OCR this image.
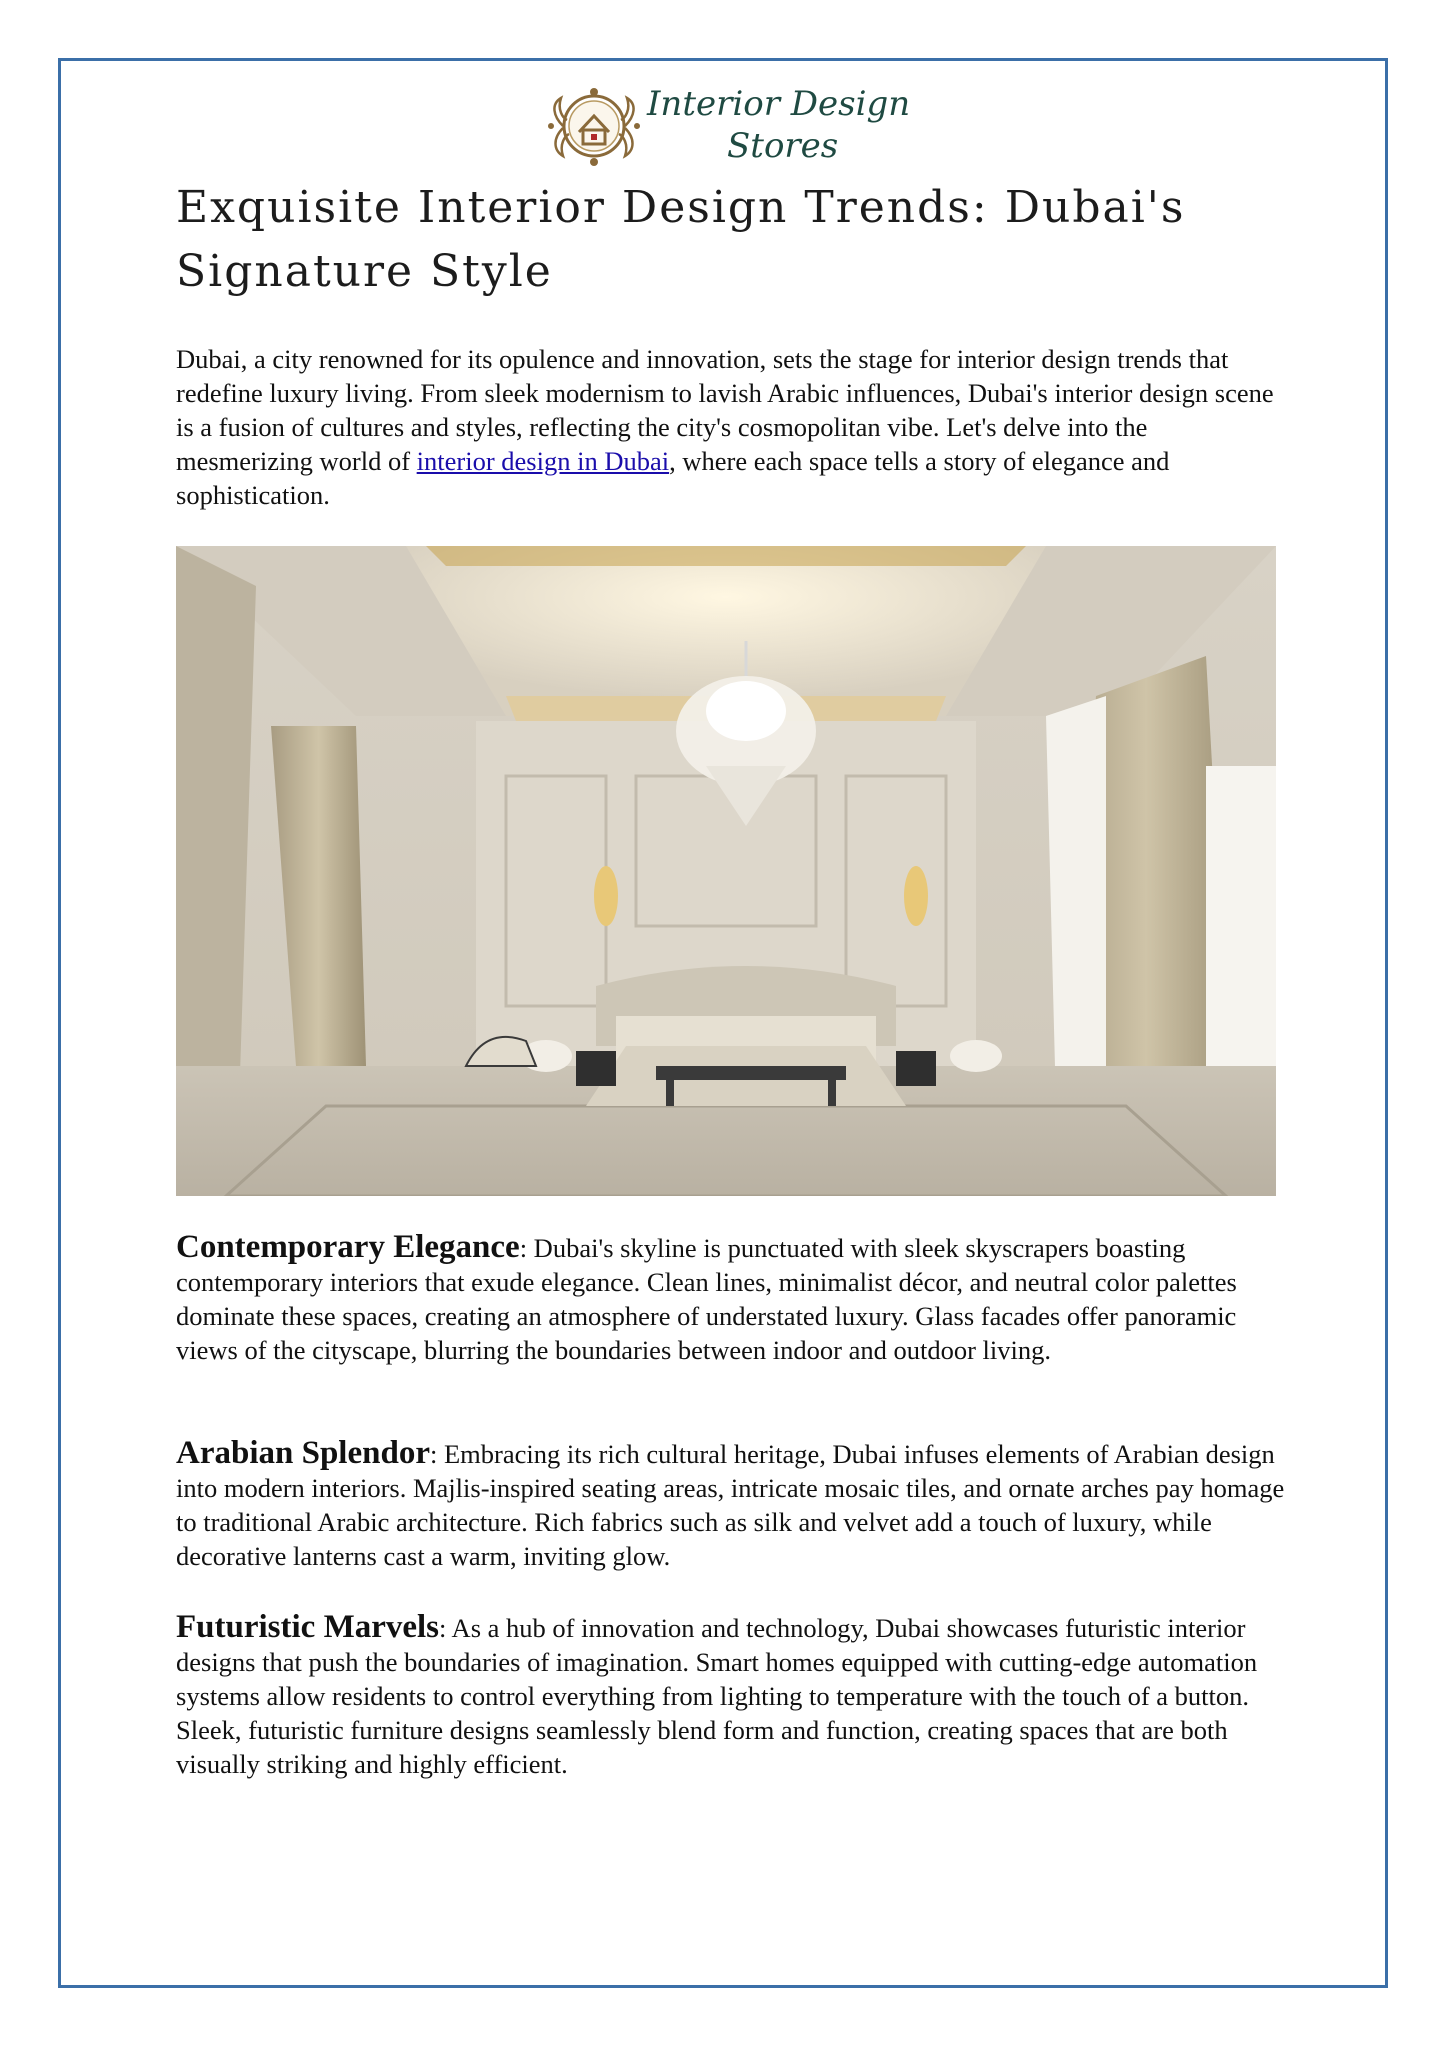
Interior Design
Stores
Exquisite Interior Design Trends: Dubai's Signature Style

Dubai, a city renowned for its opulence and innovation, sets the stage for interior design trends that redefine luxury living. From sleek modernism to lavish Arabic influences, Dubai's interior design scene is a fusion of cultures and styles, reflecting the city's cosmopolitan vibe. Let's delve into the mesmerizing world of interior design in Dubai, where each space tells a story of elegance and sophistication.

Contemporary Elegance: Dubai's skyline is punctuated with sleek skyscrapers boasting contemporary interiors that exude elegance. Clean lines, minimalist décor, and neutral color palettes dominate these spaces, creating an atmosphere of understated luxury. Glass facades offer panoramic views of the cityscape, blurring the boundaries between indoor and outdoor living.

Arabian Splendor: Embracing its rich cultural heritage, Dubai infuses elements of Arabian design into modern interiors. Majlis-inspired seating areas, intricate mosaic tiles, and ornate arches pay homage to traditional Arabic architecture. Rich fabrics such as silk and velvet add a touch of luxury, while decorative lanterns cast a warm, inviting glow.

Futuristic Marvels: As a hub of innovation and technology, Dubai showcases futuristic interior designs that push the boundaries of imagination. Smart homes equipped with cutting-edge automation systems allow residents to control everything from lighting to temperature with the touch of a button. Sleek, futuristic furniture designs seamlessly blend form and function, creating spaces that are both visually striking and highly efficient.
